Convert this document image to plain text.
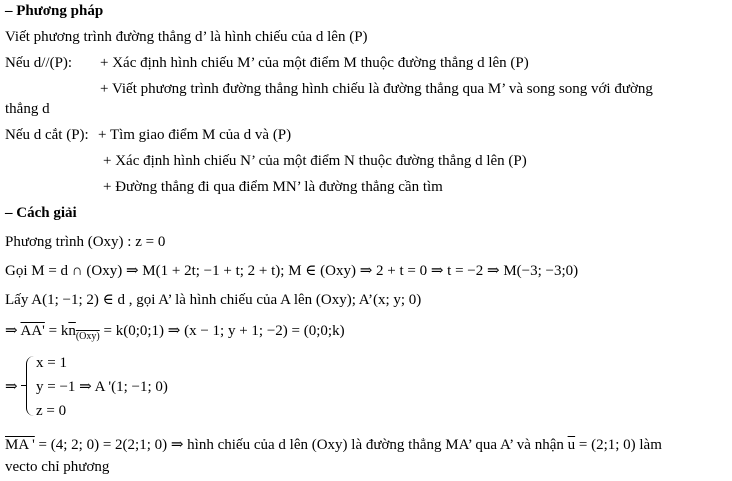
– Phương pháp
Viết phương trình đường thẳng d’ là hình chiếu của d lên (P)
Nếu d//(P): + Xác định hình chiếu M’ của một điểm M thuộc đường thẳng d lên (P)
+ Viết phương trình đường thẳng hình chiếu là đường thẳng qua M’ và song song với đường
thẳng d
Nếu d cắt (P): + Tìm giao điểm M của d và (P)
+ Xác định hình chiếu N’ của một điểm N thuộc đường thẳng d lên (P)
+ Đường thẳng đi qua điểm MN’ là đường thẳng cần tìm
– Cách giải
Phương trình (Oxy) : z = 0
Gọi M = d ∩ (Oxy) ⇒ M(1 + 2t; −1 + t; 2 + t); M ∈ (Oxy) ⇒ 2 + t = 0 ⇒ t = −2 ⇒ M(−3; −3;0)
Lấy A(1; −1; 2) ∈ d , gọi A’ là hình chiếu của A lên (Oxy); A’(x; y; 0)
⇒ $AA' = kn_{(Oxy)}$ = k(0;0;1) ⇒ (x − 1; y + 1; −2) = (0;0;k)
⇒
x = 1
y = −1 ⇒ A '(1; −1; 0)
z = 0
MA ' = (4; 2; 0) = 2(2;1; 0) ⇒ hình chiếu của d lên (Oxy) là đường thẳng MA’ qua A’ và nhận $\overline{u}$ = (2;1; 0) làm
vecto chỉ phương
